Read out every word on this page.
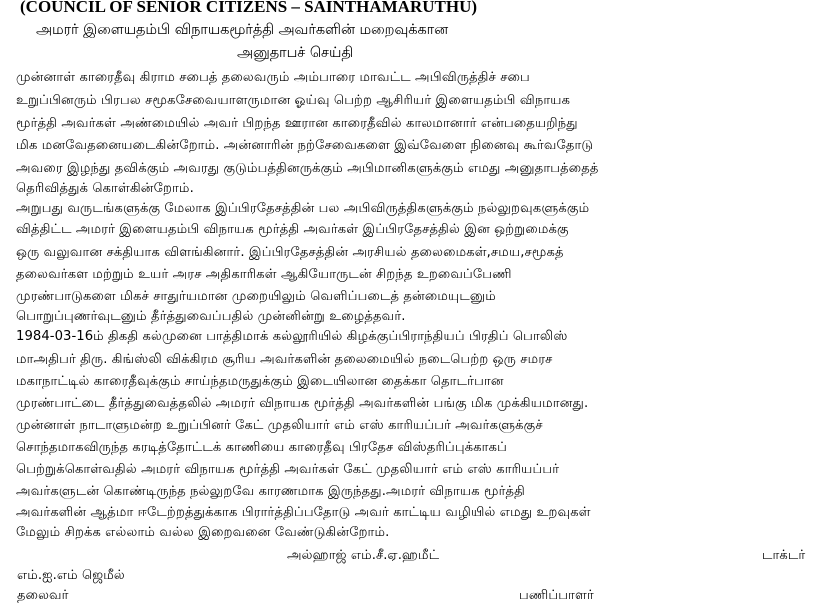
(COUNCIL OF SENIOR CITIZENS – SAINTHAMARUTHU)
அமரர் இளையதம்பி விநாயகமூர்த்தி அவர்களின் மறைவுக்கான
அனுதாபச் செய்தி
முன்னாள் காரைதீவு கிராம சபைத் தலைவரும் அம்பாரை மாவட்ட அபிவிருத்திச் சபை
உறுப்பினரும் பிரபல சமூகசேவையாளருமான ஓய்வு பெற்ற ஆசிரியர் இளையதம்பி விநாயக
மூர்த்தி அவர்கள் அண்மையில் அவர் பிறந்த ஊரான காரைதீவில் காலமானார் என்பதையறிந்து
மிக மனவேதனையடைகின்றோம். அன்னாரின் நற்சேவைகளை இவ்வேளை நினைவு கூர்வதோடு
அவரை இழந்து தவிக்கும் அவரது குடும்பத்தினருக்கும் அபிமானிகளுக்கும் எமது அனுதாபத்தைத்
தெரிவித்துக் கொள்கின்றோம்.
அறுபது வருடங்களுக்கு மேலாக இப்பிரதேசத்தின் பல அபிவிருத்திகளுக்கும் நல்லுறவுகளுக்கும்
வித்திட்ட அமரர் இளையதம்பி விநாயக மூர்த்தி அவர்கள் இப்பிரதேசத்தில் இன ஒற்றுமைக்கு
ஒரு வலுவான சக்தியாக விளங்கினார். இப்பிரதேசத்தின் அரசியல் தலைமைகள்,சமய,சமூகத்
தலைவர்கள மற்றும் உயர் அரச அதிகாரிகள் ஆகியோருடன் சிறந்த உறவைப்பேணி
முரண்பாடுகளை மிகச் சாதுர்யமான முறையிலும் வெளிப்படைத் தன்மையுடனும்
பொறுப்புணர்வுடனும் தீர்த்துவைப்பதில் முன்னின்று உழைத்தவர்.
1984-03-16ம் திகதி கல்முனை பாத்திமாக் கல்லூரியில் கிழக்குப்பிராந்தியப் பிரதிப் பொலிஸ்
மாஅதிபர் திரு. கிங்ஸ்லி விக்கிரம சூரிய அவர்களின் தலைமையில் நடைபெற்ற ஒரு சமரச
மகாநாட்டில் காரைதீவுக்கும் சாய்ந்தமருதுக்கும் இடையிலான தைக்கா தொடர்பான
முரண்பாட்டை தீர்த்துவைத்தலில் அமரர் விநாயக மூர்த்தி அவர்களின் பங்கு மிக முக்கியமானது.
முன்னாள் நாடாளுமன்ற உறுப்பினர் கேட் முதலியார் எம் எஸ் காரியப்பர் அவர்களுக்குச்
சொந்தமாகவிருந்த கரடித்தோட்டக் காணியை காரைதீவு பிரதேச விஸ்தரிப்புக்காகப்
பெற்றுக்கொள்வதில் அமரர் விநாயக மூர்த்தி அவர்கள் கேட் முதலியார் எம் எஸ் காரியப்பர்
அவர்களுடன் கொண்டிருந்த நல்லுறவே காரணமாக இருந்தது.அமரர் விநாயக மூர்த்தி
அவர்களின் ஆத்மா ஈடேற்றத்துக்காக பிரார்த்திப்பதோடு அவர் காட்டிய வழியில் எமது உறவுகள்
மேலும் சிறக்க எல்லாம் வல்ல இறைவனை வேண்டுகின்றோம்.
அல்ஹாஜ் எம்.சீ.ஏ.ஹமீட்	டாக்டர்
எம்.ஐ.எம் ஜெமீல்
தலைவர்	பணிப்பாளர்
